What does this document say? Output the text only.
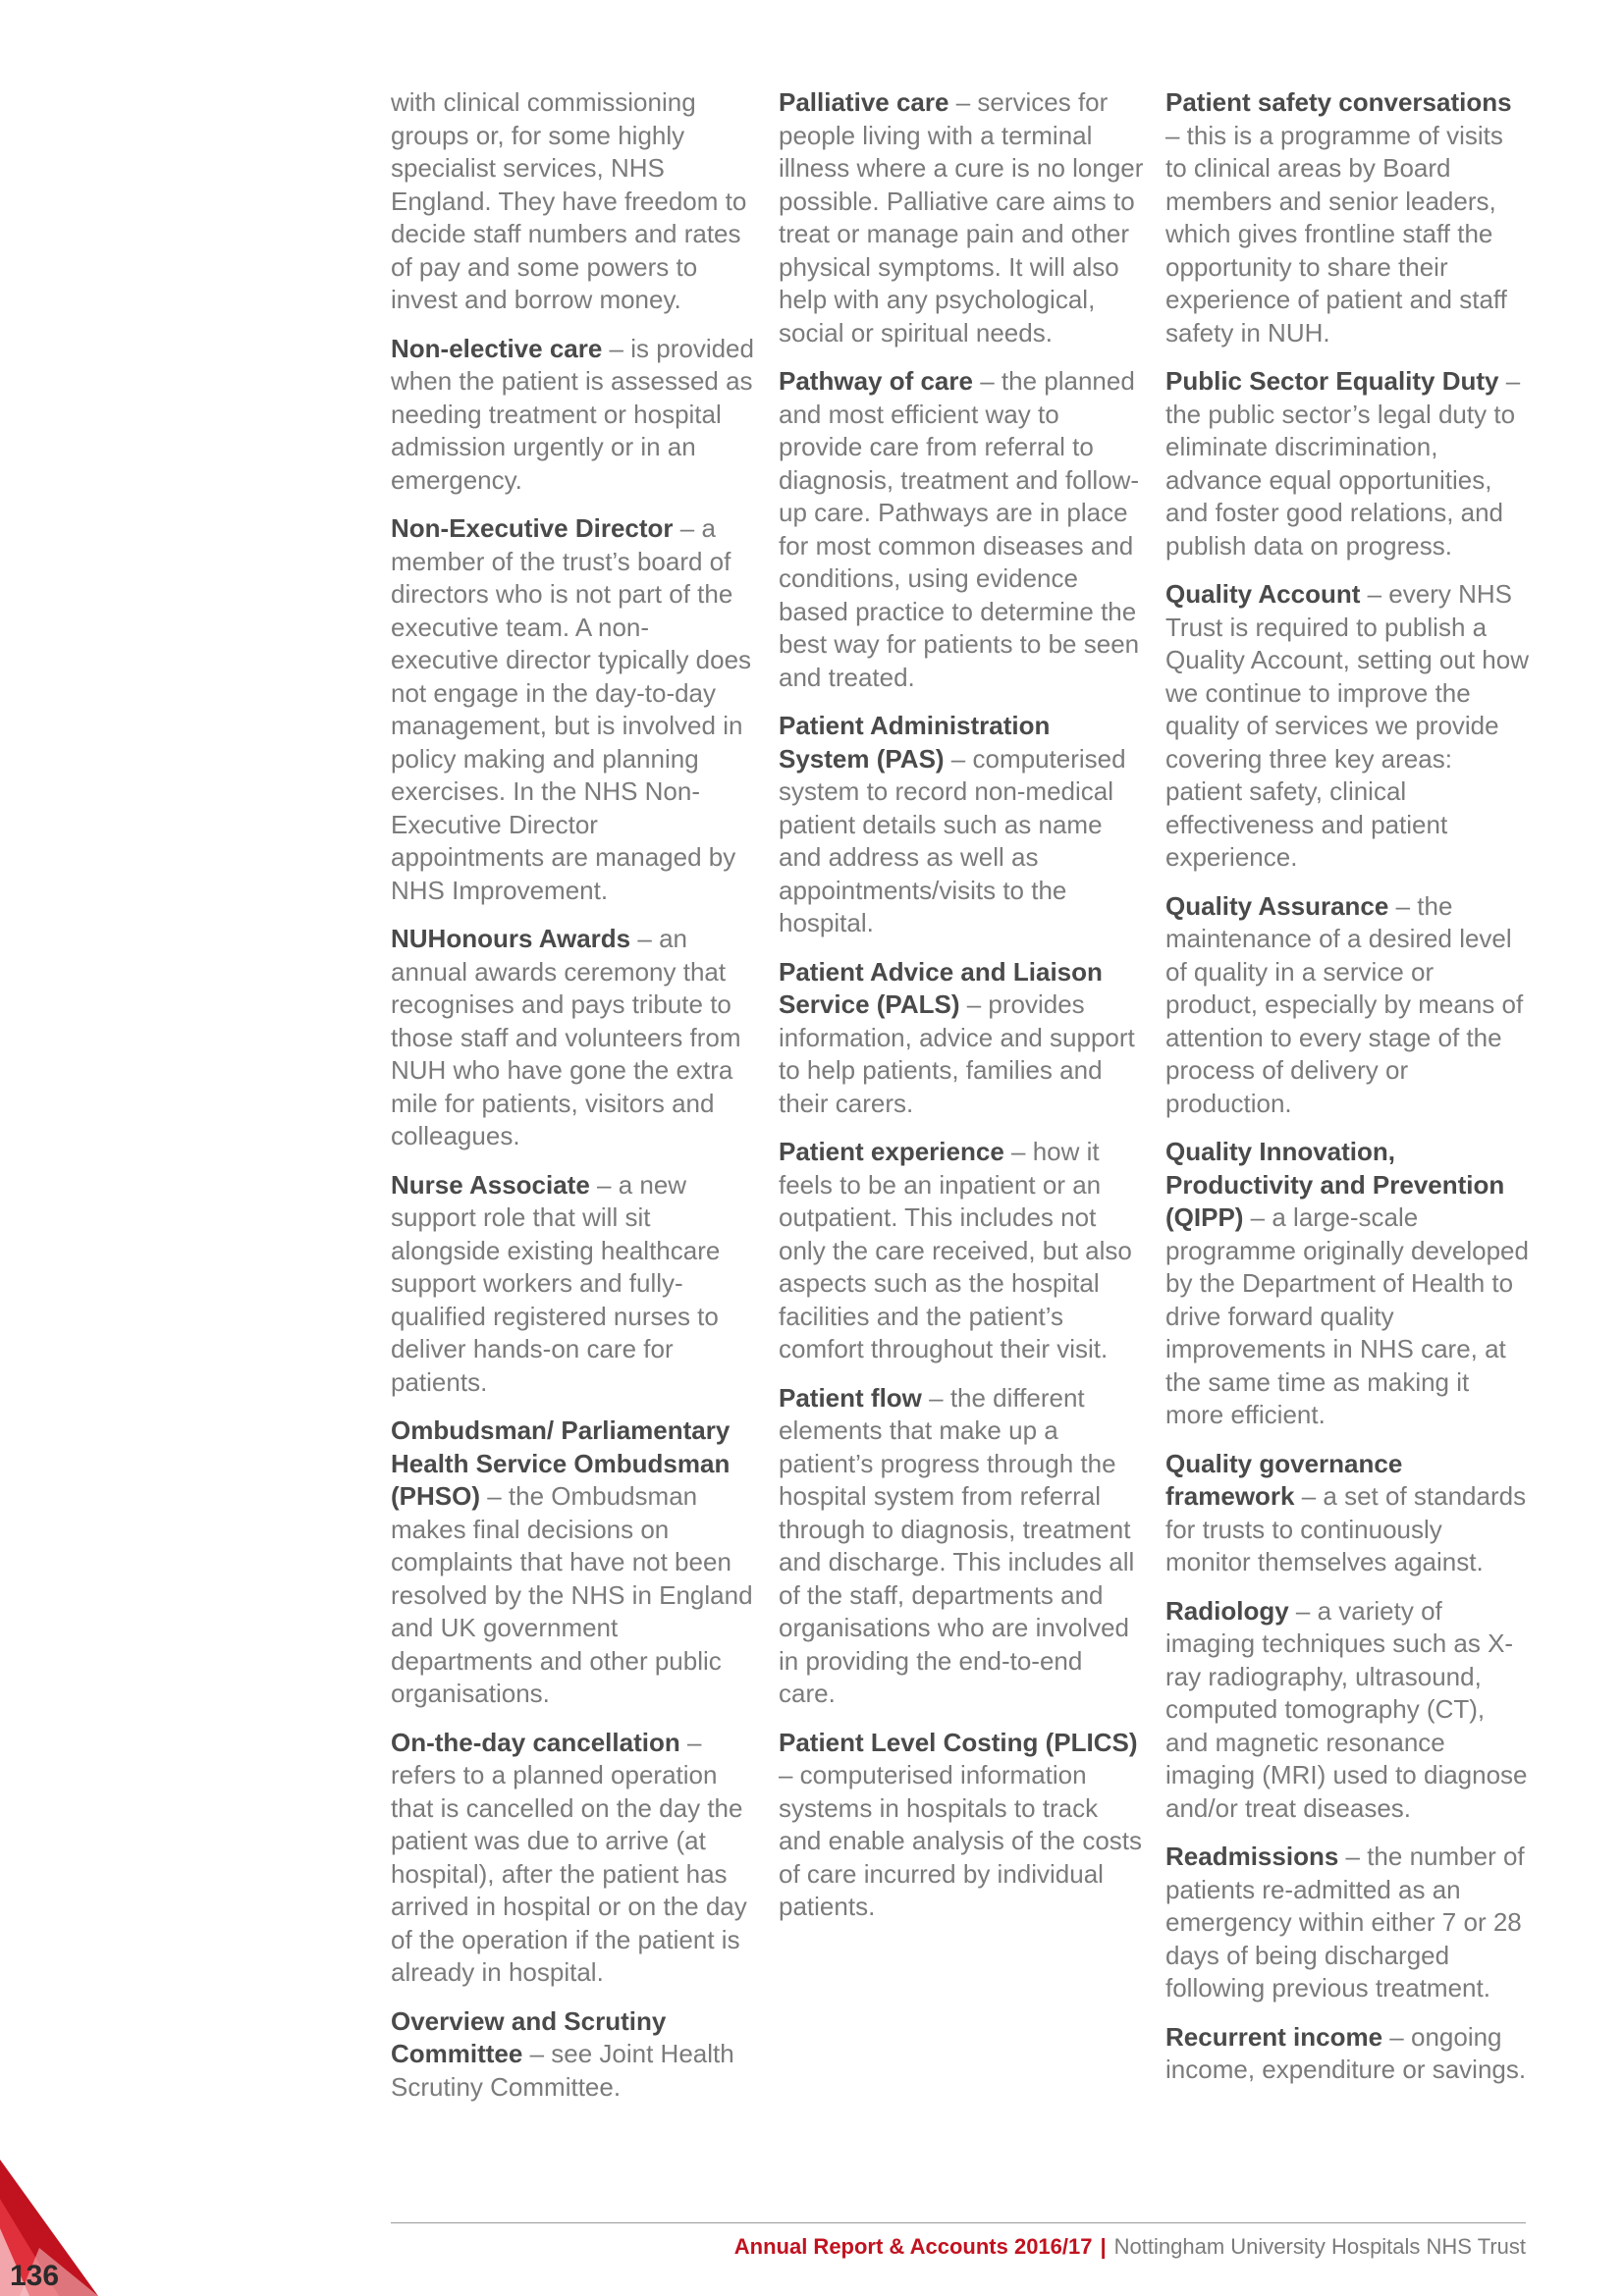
with clinical commissioning groups or, for some highly specialist services, NHS England. They have freedom to decide staff numbers and rates of pay and some powers to invest and borrow money.
Non-elective care – is provided when the patient is assessed as needing treatment or hospital admission urgently or in an emergency.
Non-Executive Director – a member of the trust’s board of directors who is not part of the executive team. A non-executive director typically does not engage in the day-to-day management, but is involved in policy making and planning exercises. In the NHS Non-Executive Director appointments are managed by NHS Improvement.
NUHonours Awards – an annual awards ceremony that recognises and pays tribute to those staff and volunteers from NUH who have gone the extra mile for patients, visitors and colleagues.
Nurse Associate – a new support role that will sit alongside existing healthcare support workers and fully-qualified registered nurses to deliver hands-on care for patients.
Ombudsman/ Parliamentary Health Service Ombudsman (PHSO) – the Ombudsman makes final decisions on complaints that have not been resolved by the NHS in England and UK government departments and other public organisations.
On-the-day cancellation – refers to a planned operation that is cancelled on the day the patient was due to arrive (at hospital), after the patient has arrived in hospital or on the day of the operation if the patient is already in hospital.
Overview and Scrutiny Committee – see Joint Health Scrutiny Committee.
Palliative care – services for people living with a terminal illness where a cure is no longer possible. Palliative care aims to treat or manage pain and other physical symptoms. It will also help with any psychological, social or spiritual needs.
Pathway of care – the planned and most efficient way to provide care from referral to diagnosis, treatment and follow-up care. Pathways are in place for most common diseases and conditions, using evidence based practice to determine the best way for patients to be seen and treated.
Patient Administration System (PAS) – computerised system to record non-medical patient details such as name and address as well as appointments/visits to the hospital.
Patient Advice and Liaison Service (PALS) – provides information, advice and support to help patients, families and their carers.
Patient experience – how it feels to be an inpatient or an outpatient. This includes not only the care received, but also aspects such as the hospital facilities and the patient’s comfort throughout their visit.
Patient flow – the different elements that make up a patient’s progress through the hospital system from referral through to diagnosis, treatment and discharge. This includes all of the staff, departments and organisations who are involved in providing the end-to-end care.
Patient Level Costing (PLICS) – computerised information systems in hospitals to track and enable analysis of the costs of care incurred by individual patients.
Patient safety conversations – this is a programme of visits to clinical areas by Board members and senior leaders, which gives frontline staff the opportunity to share their experience of patient and staff safety in NUH.
Public Sector Equality Duty – the public sector’s legal duty to eliminate discrimination, advance equal opportunities, and foster good relations, and publish data on progress.
Quality Account – every NHS Trust is required to publish a Quality Account, setting out how we continue to improve the quality of services we provide covering three key areas: patient safety, clinical effectiveness and patient experience.
Quality Assurance – the maintenance of a desired level of quality in a service or product, especially by means of attention to every stage of the process of delivery or production.
Quality Innovation, Productivity and Prevention (QIPP) – a large-scale programme originally developed by the Department of Health to drive forward quality improvements in NHS care, at the same time as making it more efficient.
Quality governance framework – a set of standards for trusts to continuously monitor themselves against.
Radiology – a variety of imaging techniques such as X-ray radiography, ultrasound, computed tomography (CT), and magnetic resonance imaging (MRI) used to diagnose and/or treat diseases.
Readmissions – the number of patients re-admitted as an emergency within either 7 or 28 days of being discharged following previous treatment.
Recurrent income – ongoing income, expenditure or savings.
Annual Report & Accounts 2016/17 | Nottingham University Hospitals NHS Trust
136
